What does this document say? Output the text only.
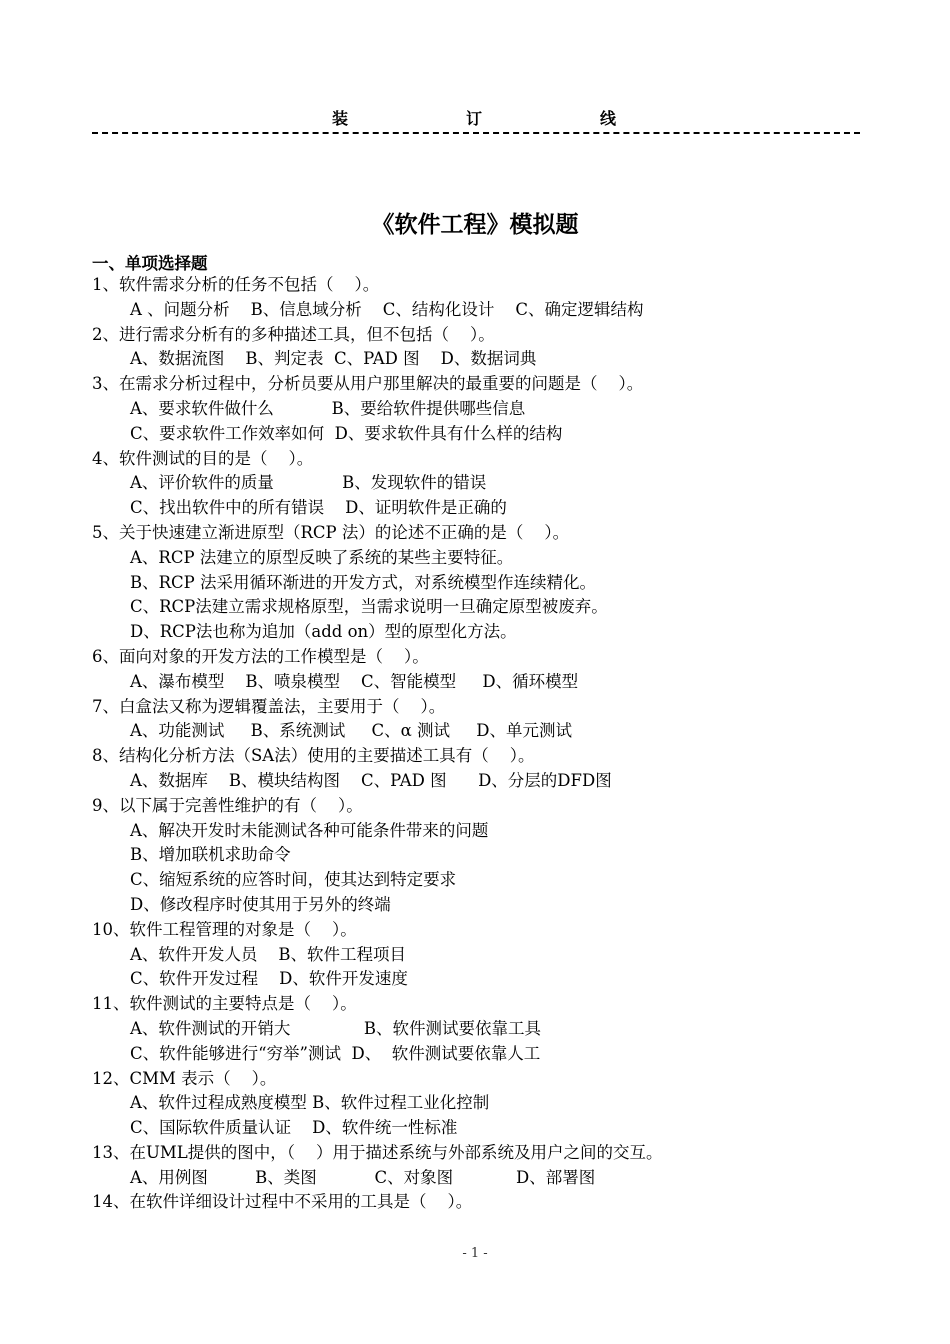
装	订	线
《软件工程》模拟题
一、单项选择题
1、软件需求分析的任务不包括（    ）。
A 、问题分析    B、信息域分析    C、结构化设计    C、确定逻辑结构
2、进行需求分析有的多种描述工具，但不包括（    ）。
A、数据流图    B、判定表  C、PAD 图    D、数据词典
3、在需求分析过程中，分析员要从用户那里解决的最重要的问题是（    ）。
A、要求软件做什么           B、要给软件提供哪些信息
C、要求软件工作效率如何  D、要求软件具有什么样的结构
4、软件测试的目的是（    ）。
A、评价软件的质量             B、发现软件的错误
C、找出软件中的所有错误    D、证明软件是正确的
5、关于快速建立渐进原型（RCP 法）的论述不正确的是（    ）。
A、RCP 法建立的原型反映了系统的某些主要特征。
B、RCP 法采用循环渐进的开发方式，对系统模型作连续精化。
C、RCP法建立需求规格原型，当需求说明一旦确定原型被废弃。
D、RCP法也称为追加（add on）型的原型化方法。
6、面向对象的开发方法的工作模型是（    ）。
A、瀑布模型    B、喷泉模型    C、智能模型     D、循环模型
7、白盒法又称为逻辑覆盖法，主要用于（    ）。
A、功能测试     B、系统测试     C、α 测试     D、单元测试
8、结构化分析方法（SA法）使用的主要描述工具有（    ）。
A、数据库    B、模块结构图    C、PAD 图      D、分层的DFD图
9、以下属于完善性维护的有（    ）。
A、解决开发时未能测试各种可能条件带来的问题
B、增加联机求助命令
C、缩短系统的应答时间，使其达到特定要求
D、修改程序时使其用于另外的终端
10、软件工程管理的对象是（    ）。
A、软件开发人员    B、软件工程项目
C、软件开发过程    D、软件开发速度
11、软件测试的主要特点是（    ）。
A、软件测试的开销大              B、软件测试要依靠工具
C、软件能够进行“穷举”测试  D、  软件测试要依靠人工
12、CMM 表示（    ）。
A、软件过程成熟度模型 B、软件过程工业化控制
C、国际软件质量认证    D、软件统一性标准
13、在UML提供的图中，（    ）用于描述系统与外部系统及用户之间的交互。
A、用例图         B、类图           C、对象图            D、部署图
14、在软件详细设计过程中不采用的工具是（    ）。
- 1 -
